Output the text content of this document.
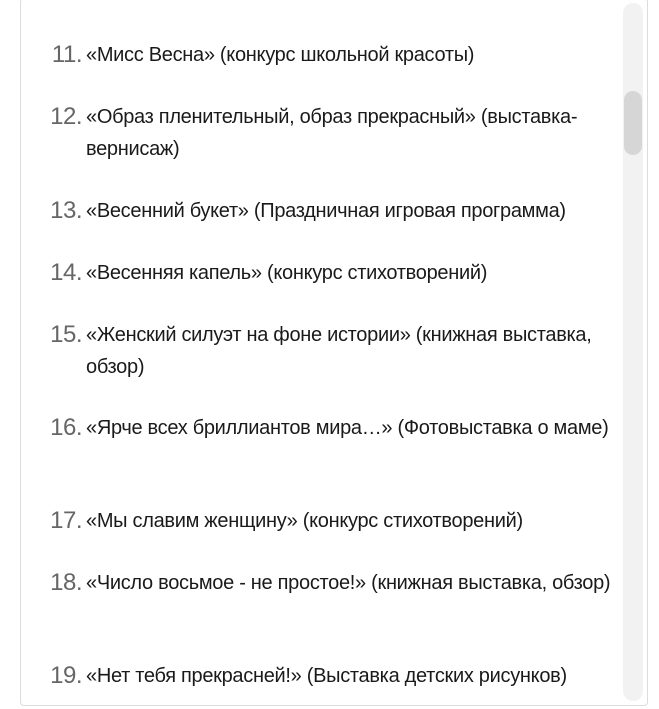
11. «Мисс Весна» (конкурс школьной красоты)
12. «Образ пленительный, образ прекрасный» (выставка-вернисаж)
13. «Весенний букет» (Праздничная игровая программа)
14. «Весенняя капель» (конкурс стихотворений)
15. «Женский силуэт на фоне истории» (книжная выставка, обзор)
16. «Ярче всех бриллиантов мира…» (Фотовыставка о маме)
17. «Мы славим женщину» (конкурс стихотворений)
18. «Число восьмое - не простое!» (книжная выставка, обзор)
19. «Нет тебя прекрасней!» (Выставка детских рисунков)
